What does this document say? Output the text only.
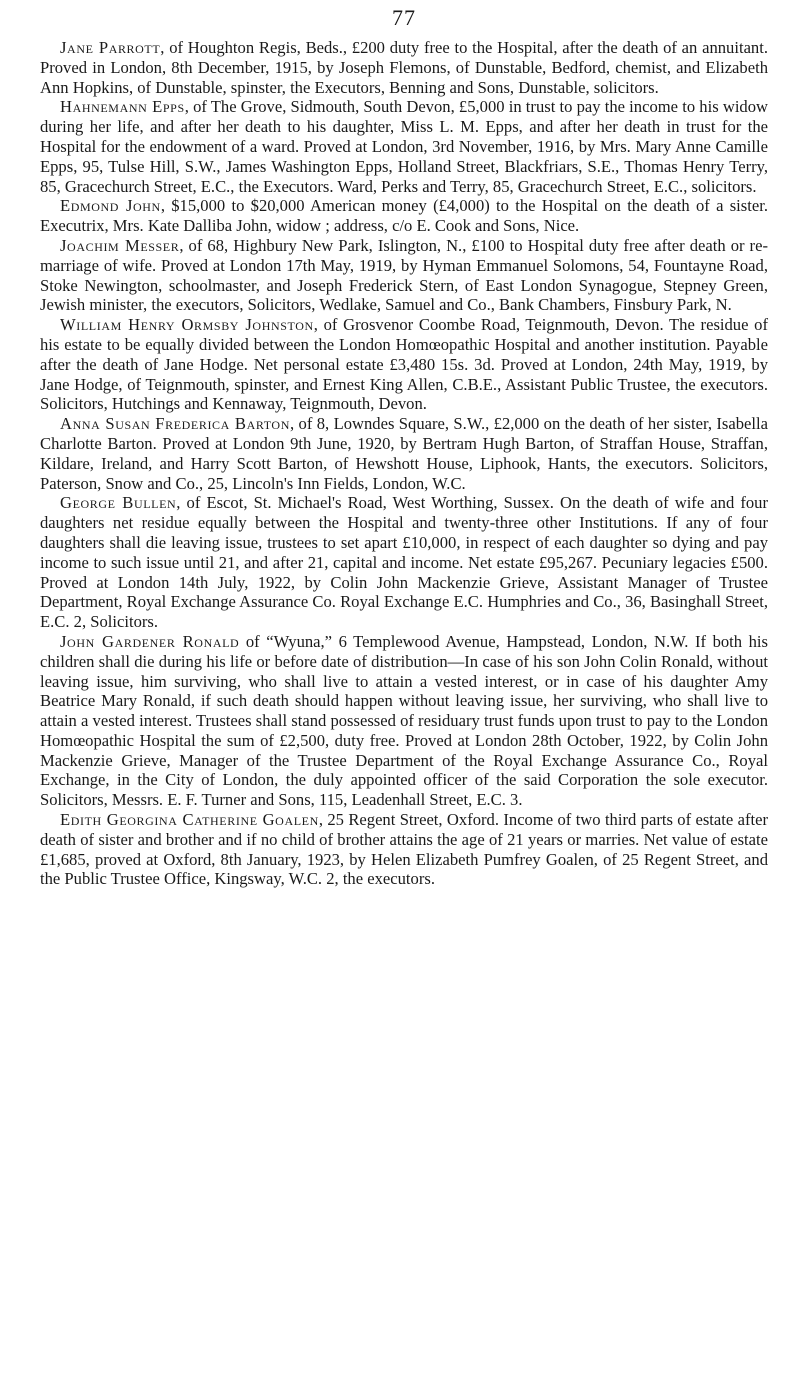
77

Jane Parrott, of Houghton Regis, Beds., £200 duty free to the Hospital, after the death of an annuitant. Proved in London, 8th December, 1915, by Joseph Flemons, of Dunstable, Bedford, chemist, and Elizabeth Ann Hopkins, of Dunstable, spinster, the Executors, Benning and Sons, Dunstable, solicitors.

Hahnemann Epps, of The Grove, Sidmouth, South Devon, £5,000 in trust to pay the income to his widow during her life, and after her death to his daughter, Miss L. M. Epps, and after her death in trust for the Hospital for the endowment of a ward. Proved at London, 3rd November, 1916, by Mrs. Mary Anne Camille Epps, 95, Tulse Hill, S.W., James Washington Epps, Holland Street, Blackfriars, S.E., Thomas Henry Terry, 85, Gracechurch Street, E.C., the Executors. Ward, Perks and Terry, 85, Gracechurch Street, E.C., solicitors.

Edmond John, $15,000 to $20,000 American money (£4,000) to the Hospital on the death of a sister. Executrix, Mrs. Kate Dalliba John, widow ; address, c/o E. Cook and Sons, Nice.

Joachim Messer, of 68, Highbury New Park, Islington, N., £100 to Hospital duty free after death or re-marriage of wife. Proved at London 17th May, 1919, by Hyman Emmanuel Solomons, 54, Fountayne Road, Stoke Newington, schoolmaster, and Joseph Frederick Stern, of East London Synagogue, Stepney Green, Jewish minister, the executors, Solicitors, Wedlake, Samuel and Co., Bank Chambers, Finsbury Park, N.

William Henry Ormsby Johnston, of Grosvenor Coombe Road, Teignmouth, Devon. The residue of his estate to be equally divided between the London Homœopathic Hospital and another institution. Payable after the death of Jane Hodge. Net personal estate £3,480 15s. 3d. Proved at London, 24th May, 1919, by Jane Hodge, of Teignmouth, spinster, and Ernest King Allen, C.B.E., Assistant Public Trustee, the executors. Solicitors, Hutchings and Kennaway, Teignmouth, Devon.

Anna Susan Frederica Barton, of 8, Lowndes Square, S.W., £2,000 on the death of her sister, Isabella Charlotte Barton. Proved at London 9th June, 1920, by Bertram Hugh Barton, of Straffan House, Straffan, Kildare, Ireland, and Harry Scott Barton, of Hewshott House, Liphook, Hants, the executors. Solicitors, Paterson, Snow and Co., 25, Lincoln's Inn Fields, London, W.C.

George Bullen, of Escot, St. Michael's Road, West Worthing, Sussex. On the death of wife and four daughters net residue equally between the Hospital and twenty-three other Institutions. If any of four daughters shall die leaving issue, trustees to set apart £10,000, in respect of each daughter so dying and pay income to such issue until 21, and after 21, capital and income. Net estate £95,267. Pecuniary legacies £500. Proved at London 14th July, 1922, by Colin John Mackenzie Grieve, Assistant Manager of Trustee Department, Royal Exchange Assurance Co. Royal Exchange E.C. Humphries and Co., 36, Basinghall Street, E.C. 2, Solicitors.

John Gardener Ronald of “Wyuna,” 6 Templewood Avenue, Hampstead, London, N.W. If both his children shall die during his life or before date of distribution—In case of his son John Colin Ronald, without leaving issue, him surviving, who shall live to attain a vested interest, or in case of his daughter Amy Beatrice Mary Ronald, if such death should happen without leaving issue, her surviving, who shall live to attain a vested interest. Trustees shall stand possessed of residuary trust funds upon trust to pay to the London Homœopathic Hospital the sum of £2,500, duty free. Proved at London 28th October, 1922, by Colin John Mackenzie Grieve, Manager of the Trustee Department of the Royal Exchange Assurance Co., Royal Exchange, in the City of London, the duly appointed officer of the said Corporation the sole executor. Solicitors, Messrs. E. F. Turner and Sons, 115, Leadenhall Street, E.C. 3.

Edith Georgina Catherine Goalen, 25 Regent Street, Oxford. Income of two third parts of estate after death of sister and brother and if no child of brother attains the age of 21 years or marries. Net value of estate £1,685, proved at Oxford, 8th January, 1923, by Helen Elizabeth Pumfrey Goalen, of 25 Regent Street, and the Public Trustee Office, Kingsway, W.C. 2, the executors.
